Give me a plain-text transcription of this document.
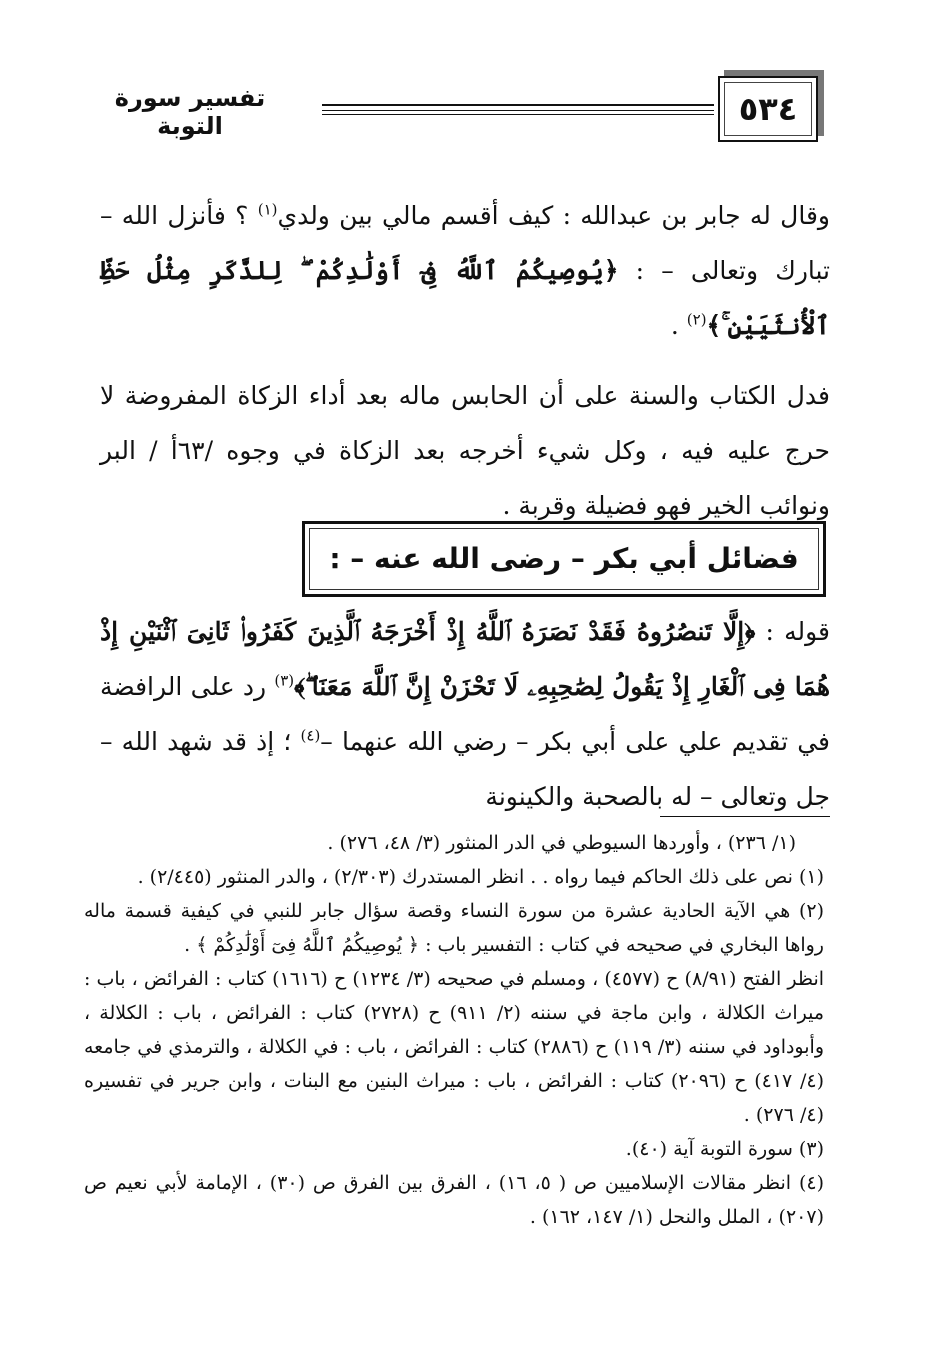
٥٣٤
تفسير سورة التوبة

وقال له جابر بن عبدالله : كيف أقسم مالي بين ولدي$^{(١)}$ ؟ فأنزل الله – تبارك وتعالى – : ﴿يُوصِيكُمُ ٱللَّهُ فِىٓ أَوْلَٰدِكُمْ ۖ لِلذَّكَرِ مِثْلُ حَظِّ ٱلْأُنثَيَيْنِ ۚ﴾$^{(٢)}$ .

فدل الكتاب والسنة على أن الحابس ماله بعد أداء الزكاة المفروضة لا حرج عليه فيه ، وكل شيء أخرجه بعد الزكاة في وجوه /٦٣أ / البر ونوائب الخير فهو فضيلة وقربة .

فضائل أبي بكر – رضى الله عنه – :

قوله : ﴿إِلَّا تَنصُرُوهُ فَقَدْ نَصَرَهُ ٱللَّهُ إِذْ أَخْرَجَهُ ٱلَّذِينَ كَفَرُوا۟ ثَانِىَ ٱثْنَيْنِ إِذْ هُمَا فِى ٱلْغَارِ إِذْ يَقُولُ لِصَٰحِبِهِۦ لَا تَحْزَنْ إِنَّ ٱللَّهَ مَعَنَا ۖ﴾$^{(٣)}$ رد على الرافضة في تقديم علي على أبي بكر – رضي الله عنهما –$^{(٤)}$ ؛ إذ قد شهد الله – جل وتعالى – له بالصحبة والكينونة

(١/ ٢٣٦) ، وأوردها السيوطي في الدر المنثور (٣/ ٤٨، ٢٧٦) .

(١) نص على ذلك الحاكم فيما رواه . . انظر المستدرك (٢/٣٠٣) ، والدر المنثور (٢/٤٤٥) .

(٢) هي الآية الحادية عشرة من سورة النساء وقصة سؤال جابر للنبي في كيفية قسمة ماله رواها البخاري في صحيحه في كتاب : التفسير باب : ﴿ يُوصِيكُمُ ٱللَّهُ فِىٓ أَوْلَٰدِكُمْ ﴾ .

انظر الفتح (٨/٩١) ح (٤٥٧٧) ، ومسلم في صحيحه (٣/ ١٢٣٤) ح (١٦١٦) كتاب : الفرائض ، باب : ميراث الكلالة ، وابن ماجة في سننه (٢/ ٩١١) ح (٢٧٢٨) كتاب : الفرائض ، باب : الكلالة ، وأبوداود في سننه (٣/ ١١٩) ح (٢٨٨٦) كتاب : الفرائض ، باب : في الكلالة ، والترمذي في جامعه (٤/ ٤١٧) ح (٢٠٩٦) كتاب : الفرائض ، باب : ميراث البنين مع البنات ، وابن جرير في تفسيره (٤/ ٢٧٦) .

(٣) سورة التوبة آية (٤٠).

(٤) انظر مقالات الإسلاميين ص ( ٥، ١٦) ، الفرق بين الفرق ص (٣٠) ، الإمامة لأبي نعيم ص (٢٠٧) ، الملل والنحل (١/ ١٤٧، ١٦٢) .
